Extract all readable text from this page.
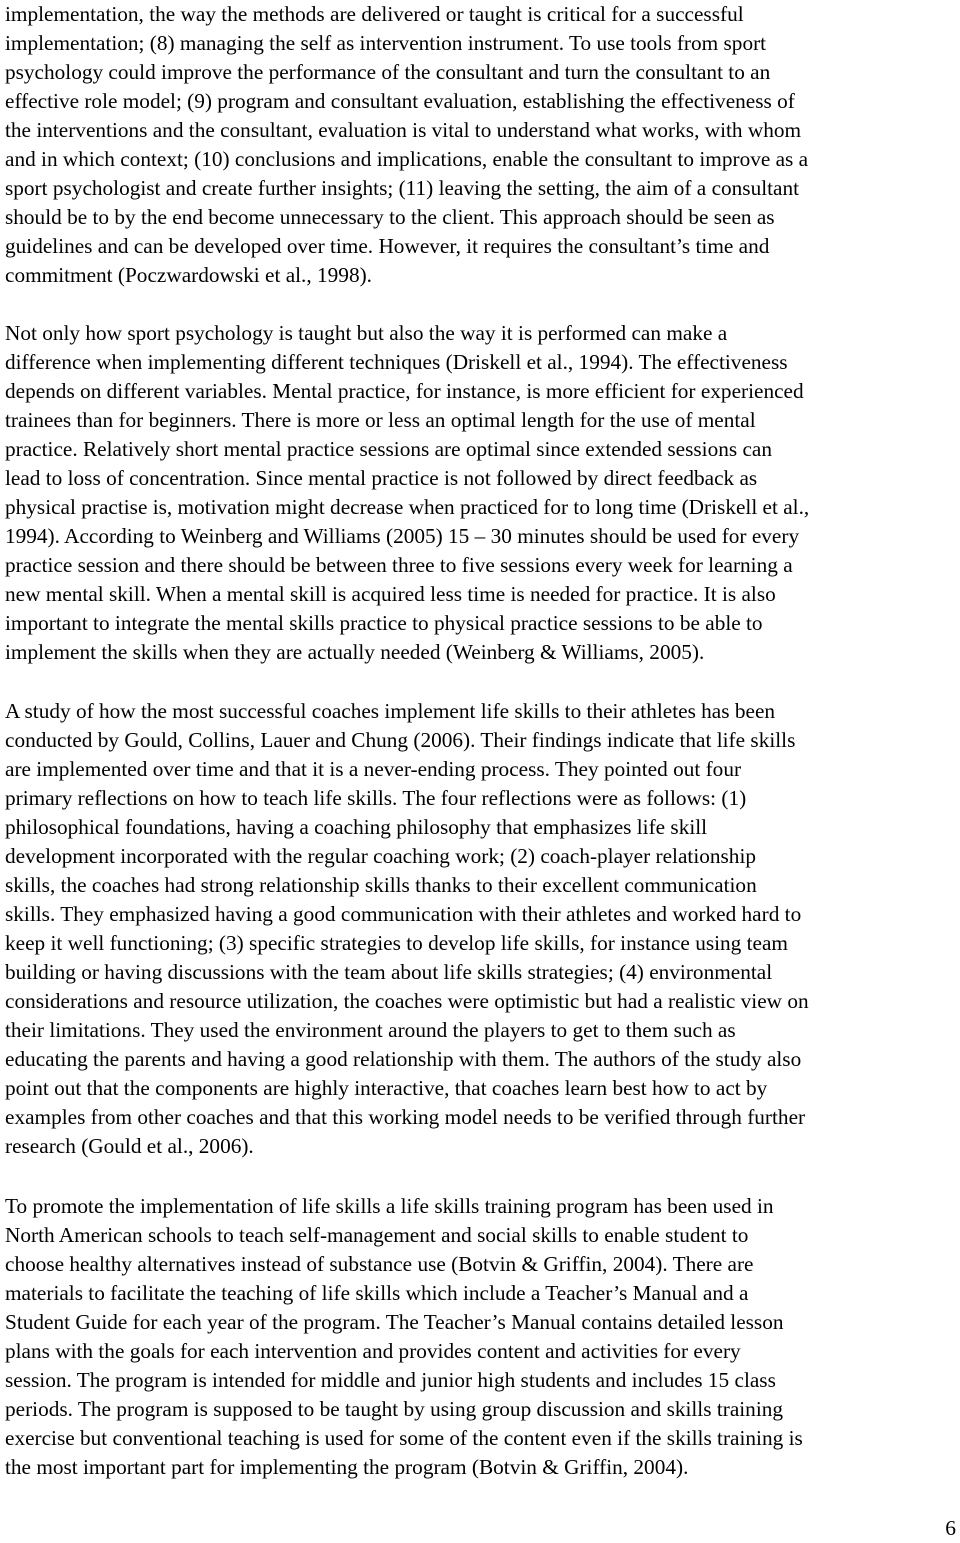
implementation, the way the methods are delivered or taught is critical for a successful
implementation; (8) managing the self as intervention instrument. To use tools from sport
psychology could improve the performance of the consultant and turn the consultant to an
effective role model; (9) program and consultant evaluation, establishing the effectiveness of
the interventions and the consultant, evaluation is vital to understand what works, with whom
and in which context; (10) conclusions and implications, enable the consultant to improve as a
sport psychologist and create further insights; (11) leaving the setting, the aim of a consultant
should be to by the end become unnecessary to the client. This approach should be seen as
guidelines and can be developed over time. However, it requires the consultant’s time and
commitment (Poczwardowski et al., 1998).
Not only how sport psychology is taught but also the way it is performed can make a
difference when implementing different techniques (Driskell et al., 1994). The effectiveness
depends on different variables. Mental practice, for instance, is more efficient for experienced
trainees than for beginners. There is more or less an optimal length for the use of mental
practice. Relatively short mental practice sessions are optimal since extended sessions can
lead to loss of concentration. Since mental practice is not followed by direct feedback as
physical practise is, motivation might decrease when practiced for to long time (Driskell et al.,
1994). According to Weinberg and Williams (2005) 15 – 30 minutes should be used for every
practice session and there should be between three to five sessions every week for learning a
new mental skill. When a mental skill is acquired less time is needed for practice. It is also
important to integrate the mental skills practice to physical practice sessions to be able to
implement the skills when they are actually needed (Weinberg & Williams, 2005).
A study of how the most successful coaches implement life skills to their athletes has been
conducted by Gould, Collins, Lauer and Chung (2006). Their findings indicate that life skills
are implemented over time and that it is a never-ending process. They pointed out four
primary reflections on how to teach life skills. The four reflections were as follows: (1)
philosophical foundations, having a coaching philosophy that emphasizes life skill
development incorporated with the regular coaching work; (2) coach-player relationship
skills, the coaches had strong relationship skills thanks to their excellent communication
skills. They emphasized having a good communication with their athletes and worked hard to
keep it well functioning; (3) specific strategies to develop life skills, for instance using team
building or having discussions with the team about life skills strategies; (4) environmental
considerations and resource utilization, the coaches were optimistic but had a realistic view on
their limitations. They used the environment around the players to get to them such as
educating the parents and having a good relationship with them. The authors of the study also
point out that the components are highly interactive, that coaches learn best how to act by
examples from other coaches and that this working model needs to be verified through further
research (Gould et al., 2006).
To promote the implementation of life skills a life skills training program has been used in
North American schools to teach self-management and social skills to enable student to
choose healthy alternatives instead of substance use (Botvin & Griffin, 2004). There are
materials to facilitate the teaching of life skills which include a Teacher’s Manual and a
Student Guide for each year of the program. The Teacher’s Manual contains detailed lesson
plans with the goals for each intervention and provides content and activities for every
session. The program is intended for middle and junior high students and includes 15 class
periods. The program is supposed to be taught by using group discussion and skills training
exercise but conventional teaching is used for some of the content even if the skills training is
the most important part for implementing the program (Botvin & Griffin, 2004).
6
